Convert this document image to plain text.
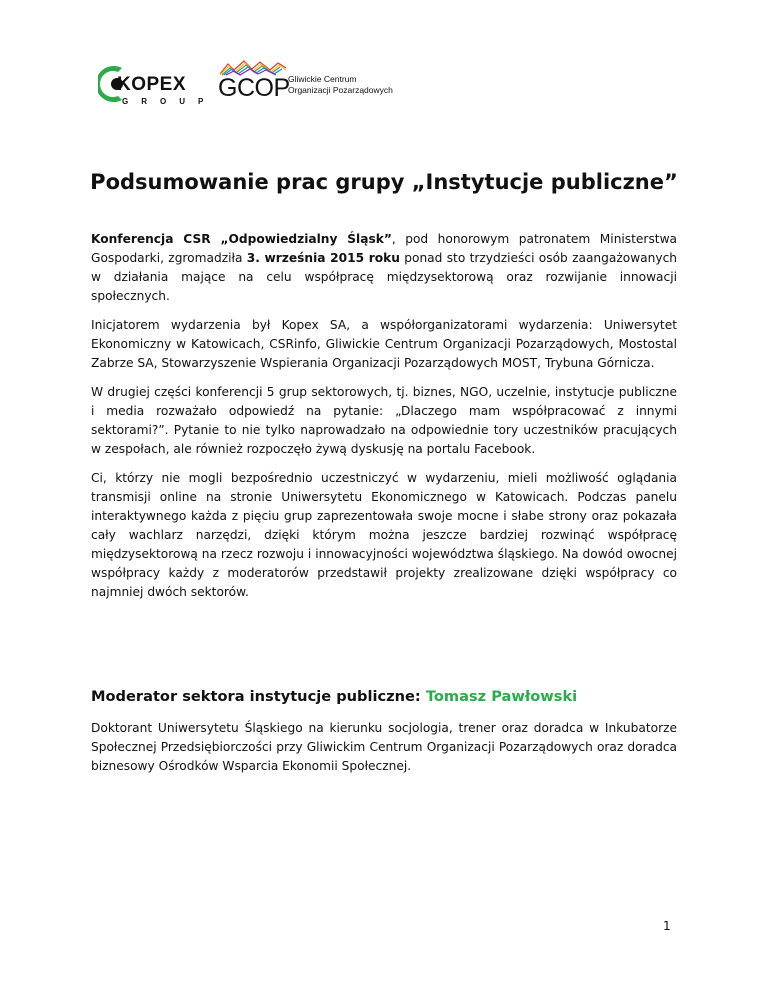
KOPEX
GROUP GCOP
Gliwickie Centrum
Organizacji Pozarządowych
Podsumowanie prac grupy „Instytucje publiczne”

Konferencja CSR „Odpowiedzialny Śląsk”, pod honorowym patronatem Ministerstwa Gospodarki, zgromadziła 3. września 2015 roku ponad sto trzydzieści osób zaangażowanych w działania mające na celu współpracę międzysektorową oraz rozwijanie innowacji społecznych.

Inicjatorem wydarzenia był Kopex SA, a współorganizatorami wydarzenia: Uniwersytet Ekonomiczny w Katowicach, CSRinfo, Gliwickie Centrum Organizacji Pozarządowych, Mostostal Zabrze SA, Stowarzyszenie Wspierania Organizacji Pozarządowych MOST, Trybuna Górnicza.

W drugiej części konferencji 5 grup sektorowych, tj. biznes, NGO, uczelnie, instytucje publiczne i media rozważało odpowiedź na pytanie: „Dlaczego mam współpracować z innymi sektorami?”. Pytanie to nie tylko naprowadzało na odpowiednie tory uczestników pracujących w zespołach, ale również rozpoczęło żywą dyskusję na portalu Facebook.

Ci, którzy nie mogli bezpośrednio uczestniczyć w wydarzeniu, mieli możliwość oglądania transmisji online na stronie Uniwersytetu Ekonomicznego w Katowicach. Podczas panelu interaktywnego każda z pięciu grup zaprezentowała swoje mocne i słabe strony oraz pokazała cały wachlarz narzędzi, dzięki którym można jeszcze bardziej rozwinąć współpracę międzysektorową na rzecz rozwoju i innowacyjności województwa śląskiego. Na dowód owocnej współpracy każdy z moderatorów przedstawił projekty zrealizowane dzięki współpracy co najmniej dwóch sektorów.

Moderator sektora instytucje publiczne: Tomasz Pawłowski

Doktorant Uniwersytetu Śląskiego na kierunku socjologia, trener oraz doradca w Inkubatorze Społecznej Przedsiębiorczości przy Gliwickim Centrum Organizacji Pozarządowych oraz doradca biznesowy Ośrodków Wsparcia Ekonomii Społecznej.

1
